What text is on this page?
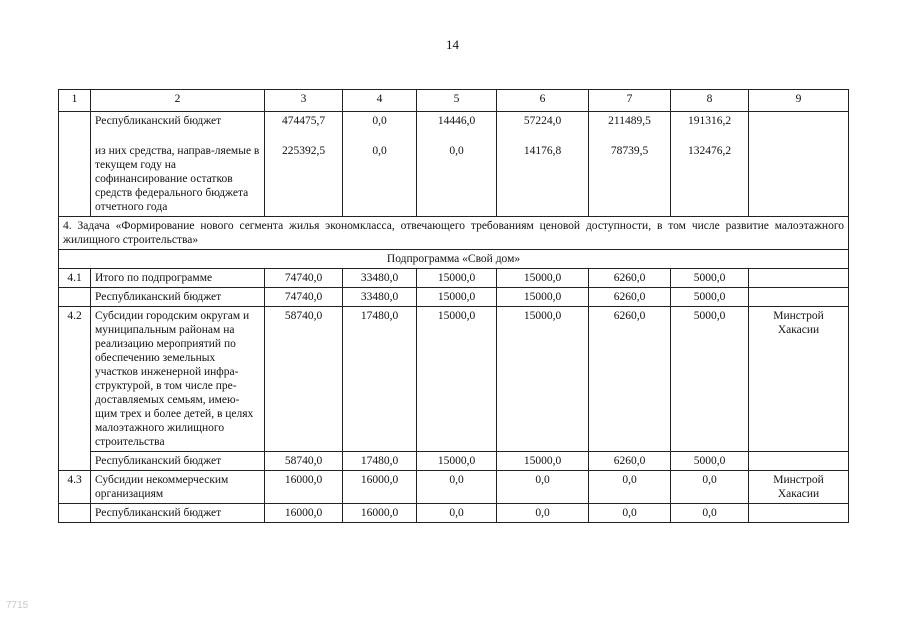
14
1	2	3	4	5	6	7	8	9
	Республиканский бюджет	474475,7	0,0	14446,0	57224,0	211489,5	191316,2	
	из них средства, направ-ляемые в текущем году на софинансирование остатков средств федерального бюджета отчетного года	225392,5	0,0	0,0	14176,8	78739,5	132476,2	
4. Задача «Формирование нового сегмента жилья экономкласса, отвечающего требованиям ценовой доступности, в том числе развитие малоэтажного жилищного строительства»								
Подпрограмма «Свой дом»								
4.1	Итого по подпрограмме	74740,0	33480,0	15000,0	15000,0	6260,0	5000,0	
	Республиканский бюджет	74740,0	33480,0	15000,0	15000,0	6260,0	5000,0	
4.2	Субсидии городским округам и муниципальным районам на реализацию мероприятий по обеспечению земельных участков инженерной инфра-структурой, в том числе пре-доставляемых семьям, имею-щим трех и более детей, в целях малоэтажного жилищного строительства	58740,0	17480,0	15000,0	15000,0	6260,0	5000,0	Минстрой Хакасии
	Республиканский бюджет	58740,0	17480,0	15000,0	15000,0	6260,0	5000,0	
4.3	Субсидии некоммерческим организациям	16000,0	16000,0	0,0	0,0	0,0	0,0	Минстрой Хакасии
	Республиканский бюджет	16000,0	16000,0	0,0	0,0	0,0	0,0	
7715
